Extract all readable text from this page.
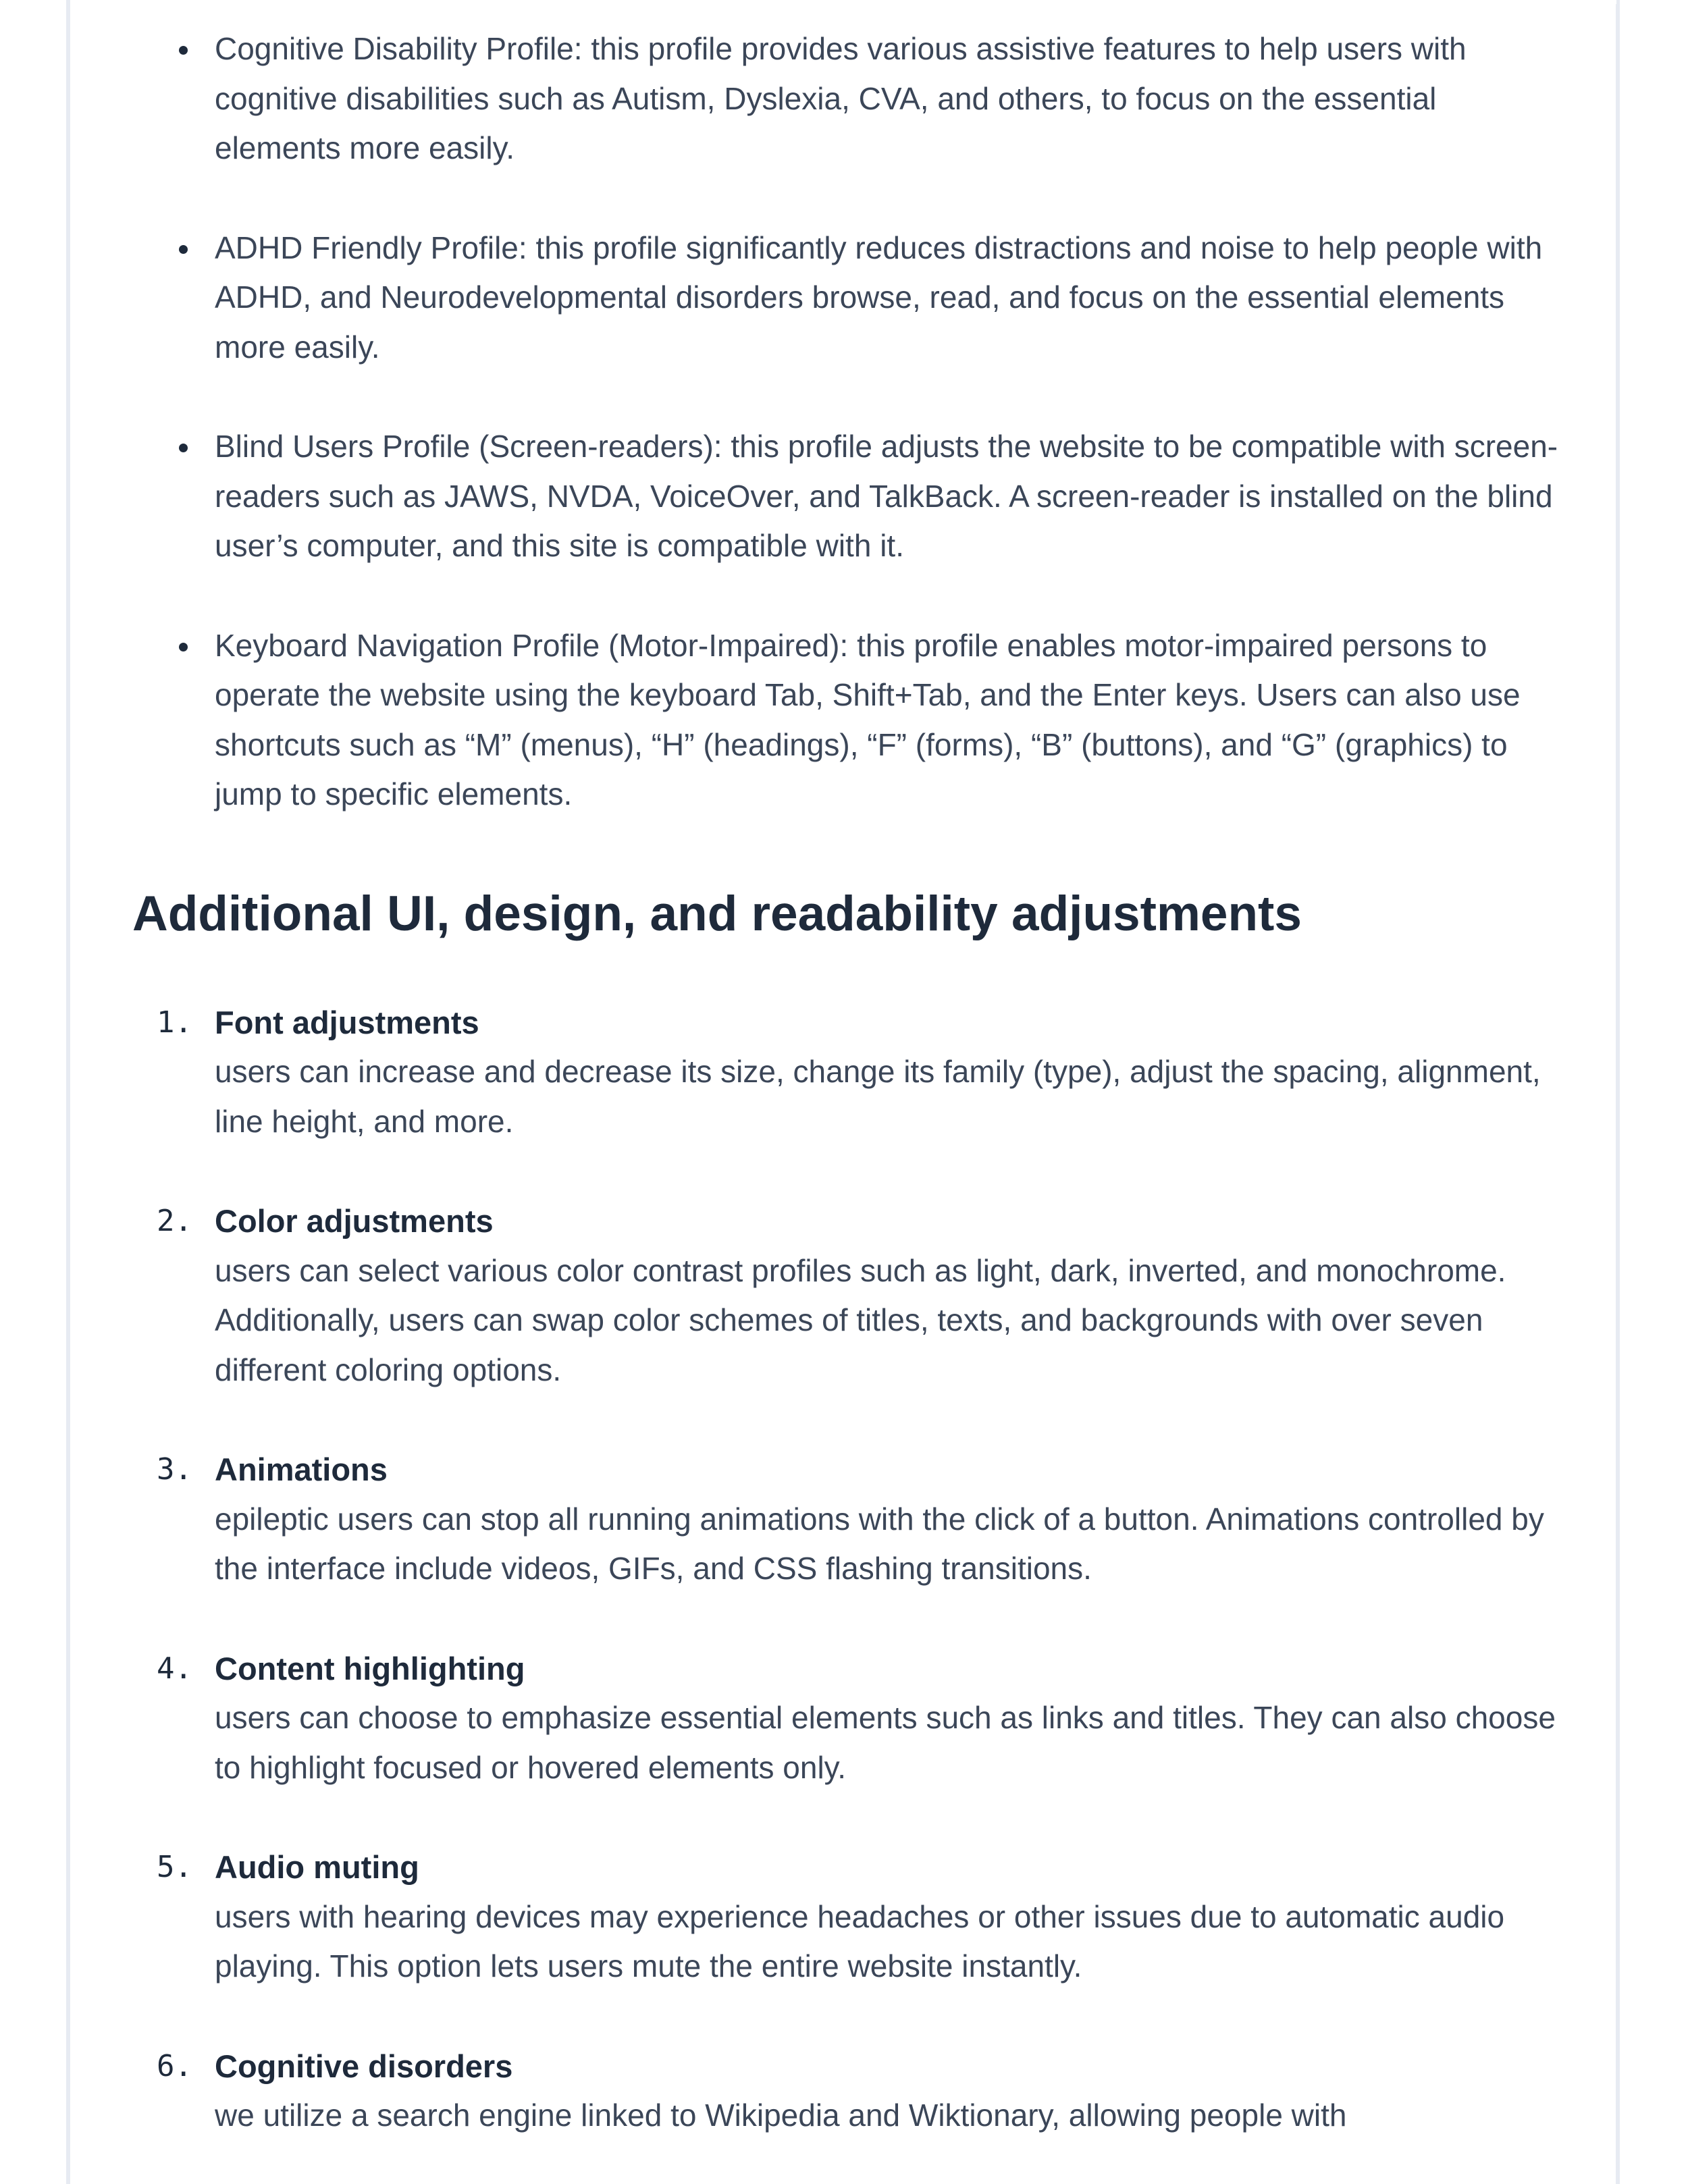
Cognitive Disability Profile: this profile provides various assistive features to help users with cognitive disabilities such as Autism, Dyslexia, CVA, and others, to focus on the essential elements more easily.
ADHD Friendly Profile: this profile significantly reduces distractions and noise to help people with ADHD, and Neurodevelopmental disorders browse, read, and focus on the essential elements more easily.
Blind Users Profile (Screen-readers): this profile adjusts the website to be compatible with screen-readers such as JAWS, NVDA, VoiceOver, and TalkBack. A screen-reader is installed on the blind user’s computer, and this site is compatible with it.
Keyboard Navigation Profile (Motor-Impaired): this profile enables motor-impaired persons to operate the website using the keyboard Tab, Shift+Tab, and the Enter keys. Users can also use shortcuts such as “M” (menus), “H” (headings), “F” (forms), “B” (buttons), and “G” (graphics) to jump to specific elements.
Additional UI, design, and readability adjustments
1. Font adjustments
users can increase and decrease its size, change its family (type), adjust the spacing, alignment, line height, and more.
2. Color adjustments
users can select various color contrast profiles such as light, dark, inverted, and monochrome. Additionally, users can swap color schemes of titles, texts, and backgrounds with over seven different coloring options.
3. Animations
epileptic users can stop all running animations with the click of a button. Animations controlled by the interface include videos, GIFs, and CSS flashing transitions.
4. Content highlighting
users can choose to emphasize essential elements such as links and titles. They can also choose to highlight focused or hovered elements only.
5. Audio muting
users with hearing devices may experience headaches or other issues due to automatic audio playing. This option lets users mute the entire website instantly.
6. Cognitive disorders
we utilize a search engine linked to Wikipedia and Wiktionary, allowing people with
